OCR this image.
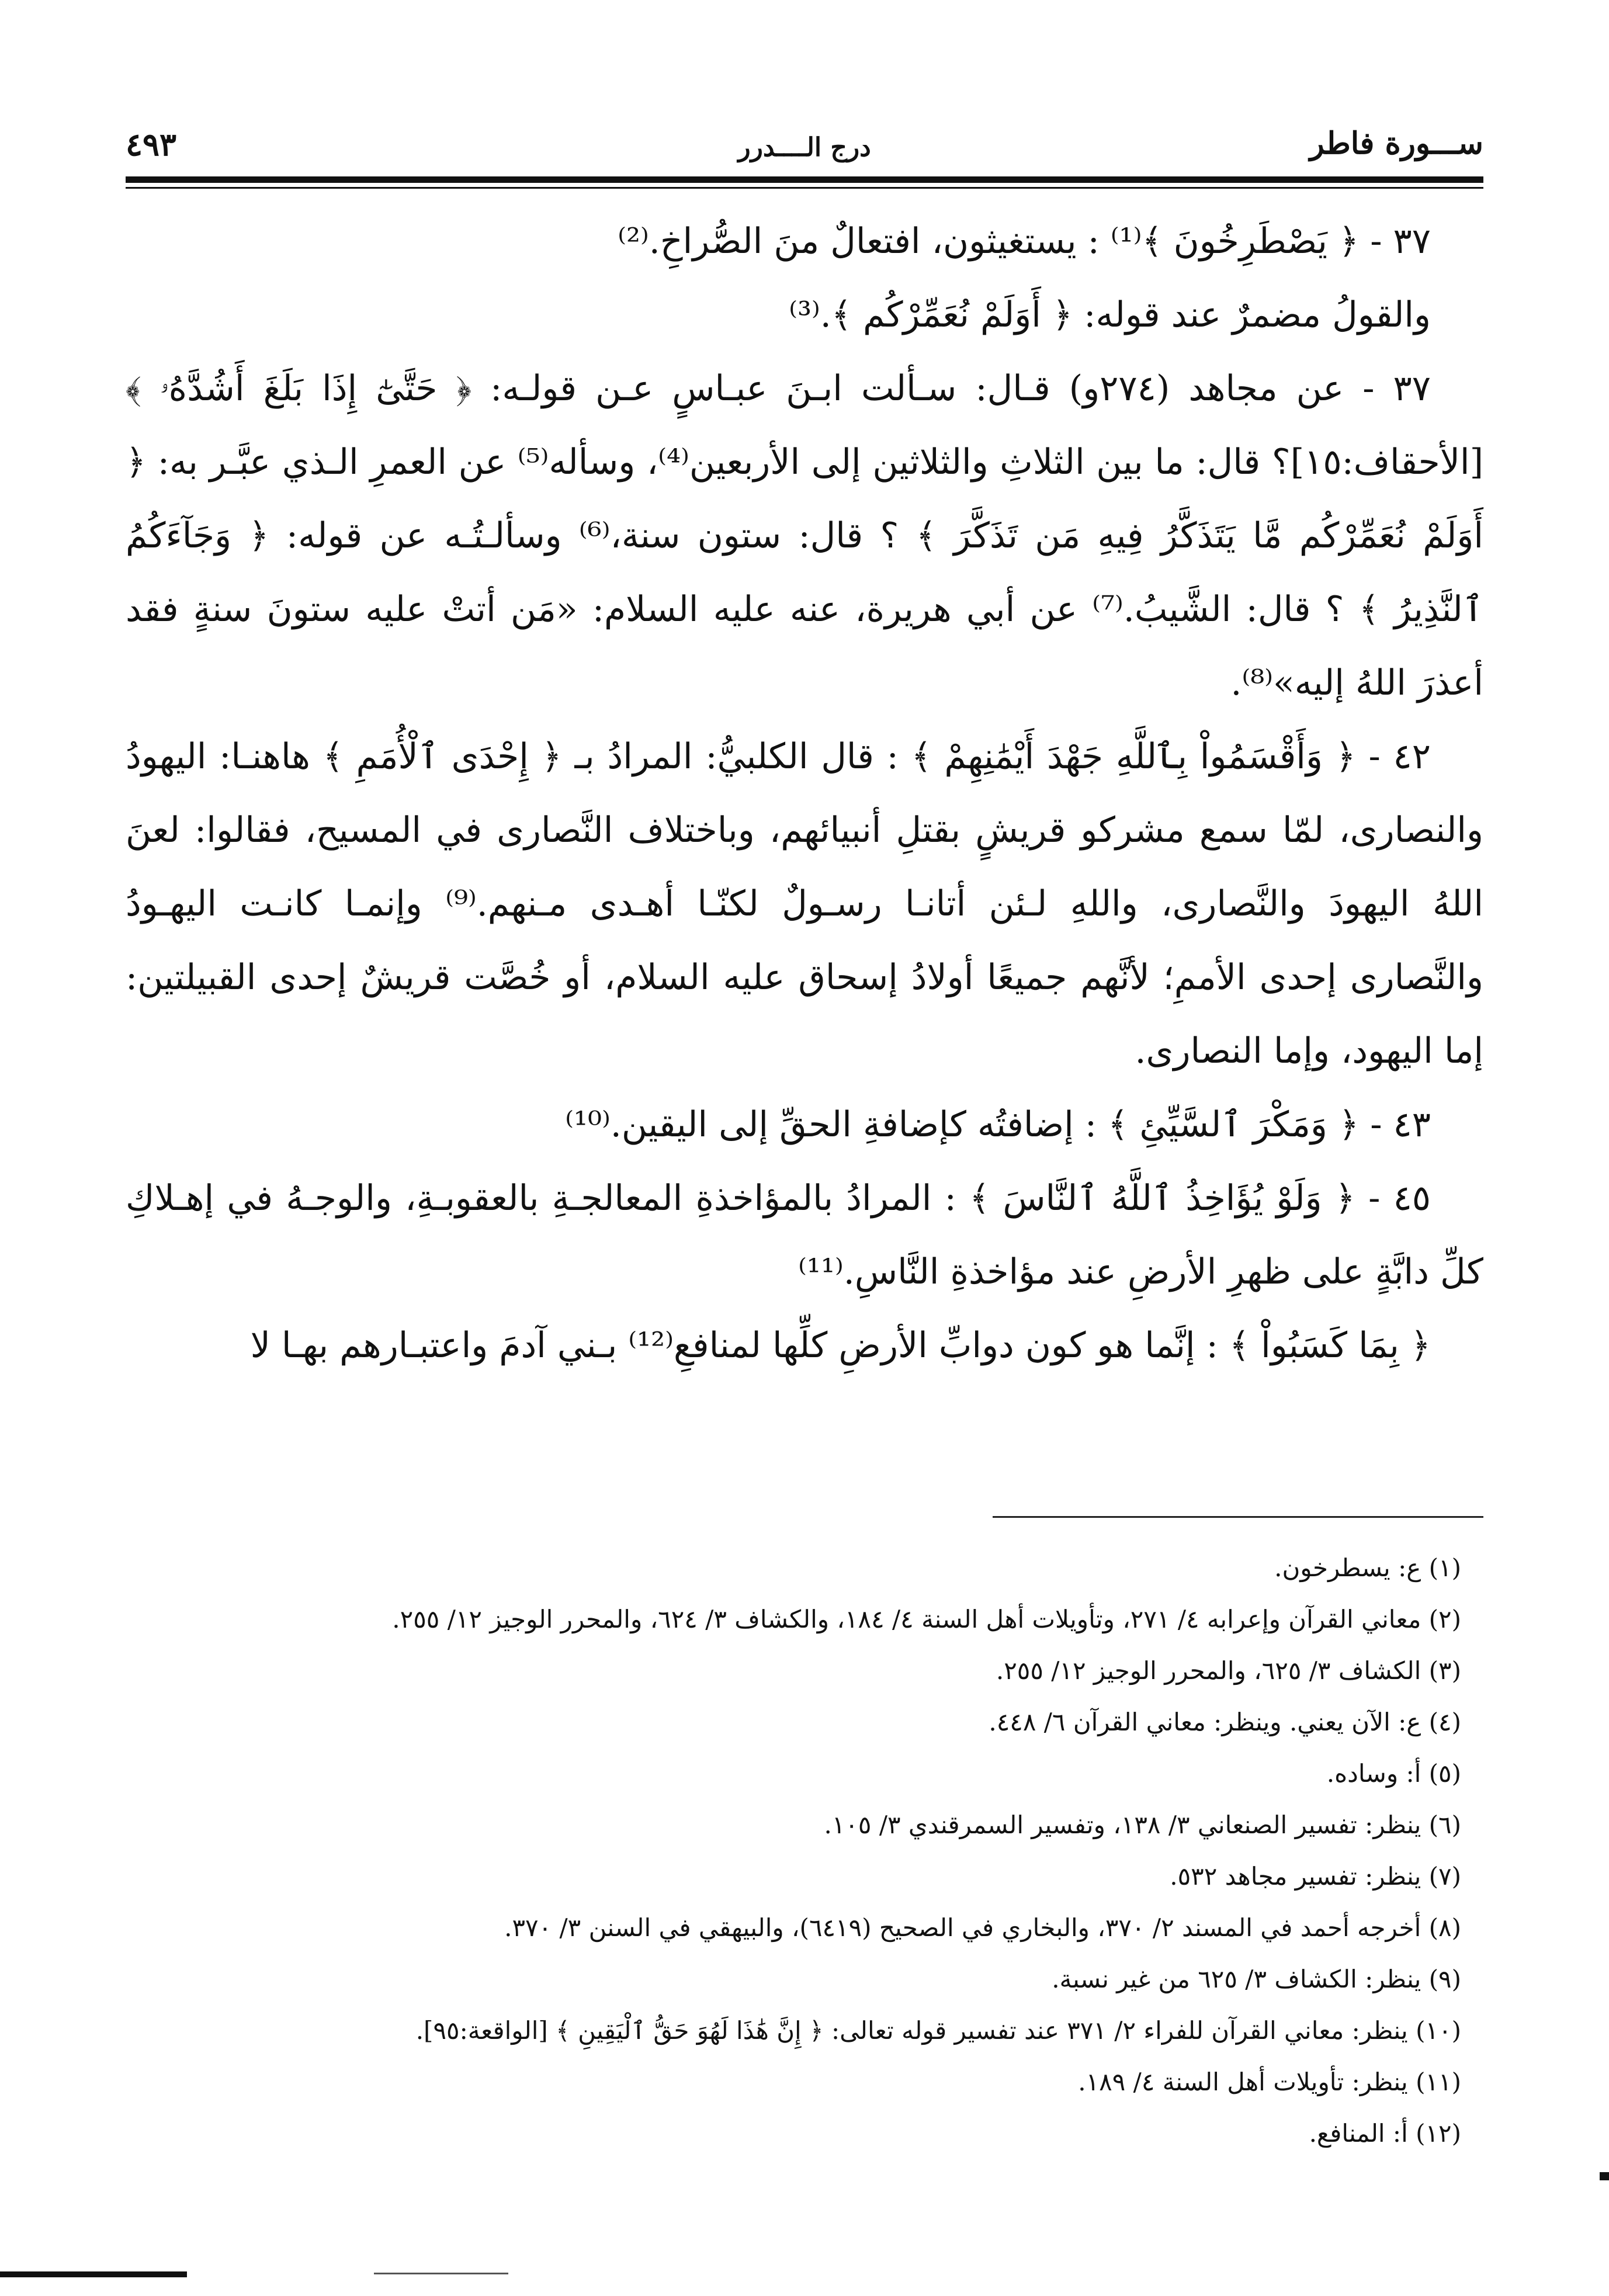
ســـورة فاطر
درج الــــدرر
٤٩٣

٣٧ - ﴿ يَصْطَرِخُونَ ﴾⁽¹⁾ : يستغيثون، افتعالٌ منَ الصُّراخِ.⁽²⁾

والقولُ مضمرٌ عند قوله: ﴿ أَوَلَمْ نُعَمِّرْكُم ﴾.⁽³⁾

٣٧ - عن مجاهد (٢٧٤و) قـال: سـألت ابـنَ عبـاسٍ عـن قولـه: ﴿ حَتَّىٰٓ إِذَا بَلَغَ أَشُدَّهُۥ ﴾ [الأحقاف:١٥]؟ قال: ما بين الثلاثِ والثلاثين إلى الأربعين⁽⁴⁾، وسأله⁽⁵⁾ عن العمرِ الـذي عبَّـر به: ﴿ أَوَلَمْ نُعَمِّرْكُم مَّا يَتَذَكَّرُ فِيهِ مَن تَذَكَّرَ ﴾ ؟ قال: ستون سنة،⁽⁶⁾ وسألـتُـه عن قوله: ﴿ وَجَآءَكُمُ ٱلنَّذِيرُ ﴾ ؟ قال: الشَّيبُ.⁽⁷⁾ عن أبي هريرة، عنه عليه السلام: «مَن أتتْ عليه ستونَ سنةٍ فقد أعذرَ اللهُ إليه»⁽⁸⁾.

٤٢ - ﴿ وَأَقْسَمُواْ بِٱللَّهِ جَهْدَ أَيْمَٰنِهِمْ ﴾ : قال الكلبيُّ: المرادُ بـ ﴿ إِحْدَى ٱلْأُمَمِ ﴾ هاهنـا: اليهودُ والنصارى، لمّا سمع مشركو قريشٍ بقتلِ أنبيائهم، وباختلاف النَّصارى في المسيح، فقالوا: لعنَ اللهُ اليهودَ والنَّصارى، واللهِ لـئن أتانـا رسـولٌ لكنّـا أهـدى مـنهم.⁽⁹⁾ وإنمـا كانـت اليهـودُ والنَّصارى إحدى الأممِ؛ لأنَّهم جميعًا أولادُ إسحاق عليه السلام، أو خُصَّت قريشٌ إحدى القبيلتين: إما اليهود، وإما النصارى.

٤٣ - ﴿ وَمَكْرَ ٱلسَّيِّئِ ﴾ : إضافتُه كإضافةِ الحقِّ إلى اليقين.⁽¹⁰⁾

٤٥ - ﴿ وَلَوْ يُؤَاخِذُ ٱللَّهُ ٱلنَّاسَ ﴾ : المرادُ بالمؤاخذةِ المعالجـةِ بالعقوبـةِ، والوجـهُ في إهـلاكِ كلِّ دابَّةٍ على ظهرِ الأرضِ عند مؤاخذةِ النَّاسِ.⁽¹¹⁾

﴿ بِمَا كَسَبُواْ ﴾ : إنَّما هو كون دوابِّ الأرضِ كلِّها لمنافعِ⁽¹²⁾ بـني آدمَ واعتبـارهم بهـا لا

(١) ع: يسطرخون.

(٢) معاني القرآن وإعرابه ٤/ ٢٧١، وتأويلات أهل السنة ٤/ ١٨٤، والكشاف ٣/ ٦٢٤، والمحرر الوجيز ١٢/ ٢٥٥.

(٣) الكشاف ٣/ ٦٢٥، والمحرر الوجيز ١٢/ ٢٥٥.

(٤) ع: الآن يعني. وينظر: معاني القرآن ٦/ ٤٤٨.

(٥) أ: وساده.

(٦) ينظر: تفسير الصنعاني ٣/ ١٣٨، وتفسير السمرقندي ٣/ ١٠٥.

(٧) ينظر: تفسير مجاهد ٥٣٢.

(٨) أخرجه أحمد في المسند ٢/ ٣٧٠، والبخاري في الصحيح (٦٤١٩)، والبيهقي في السنن ٣/ ٣٧٠.

(٩) ينظر: الكشاف ٣/ ٦٢٥ من غير نسبة.

(١٠) ينظر: معاني القرآن للفراء ٢/ ٣٧١ عند تفسير قوله تعالى: ﴿ إِنَّ هَٰذَا لَهُوَ حَقُّ ٱلْيَقِينِ ﴾ [الواقعة:٩٥].

(١١) ينظر: تأويلات أهل السنة ٤/ ١٨٩.

(١٢) أ: المنافع.
